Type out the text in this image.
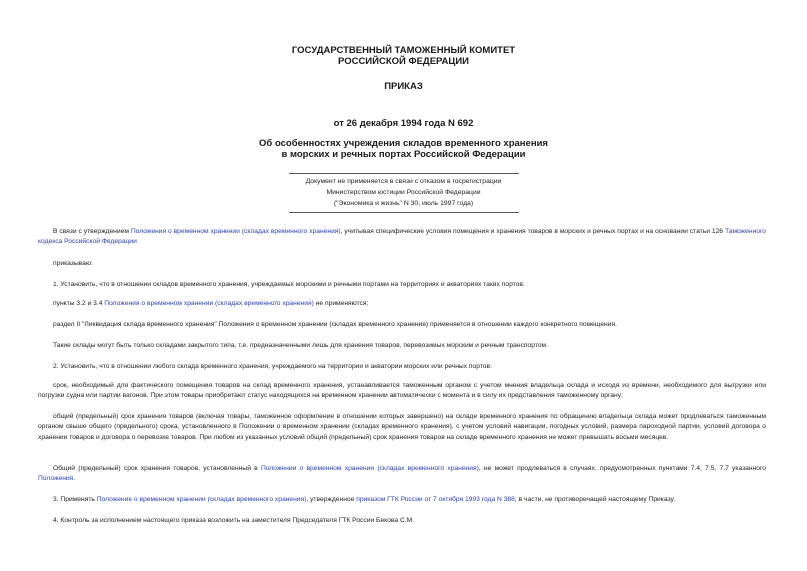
ГОСУДАРСТВЕННЫЙ ТАМОЖЕННЫЙ КОМИТЕТ
РОССИЙСКОЙ ФЕДЕРАЦИИ
ПРИКАЗ
от 26 декабря 1994 года N 692
Об особенностях учреждения складов временного хранения
в морских и речных портах Российской Федерации
Документ не применяется в связи с отказом в госрегистрации
Министерством юстиции Российской Федерации
("Экономика и жизнь" N 30, июль 1997 года)
В связи с утверждением Положения о временном хранении (складах временного хранения), учитывая специфические условия помещения и хранения товаров в морских и речных портах и на основании статьи 126 Таможенного кодекса Российской Федерации
приказываю:
1. Установить, что в отношении складов временного хранения, учреждаемых морскими и речными портами на территориях и акваториях таких портов:
пункты 3.2 и 3.4 Положения о временном хранении (складах временного хранения) не применяются;
раздел II "Ликвидация склада временного хранения" Положения о временном хранении (складах временного хранения) применяется в отношении каждого конкретного помещения.
Такие склады могут быть только складами закрытого типа, т.е. предназначенными лишь для хранения товаров, перевозимых морским и речным транспортом.
2. Установить, что в отношении любого склада временного хранения, учреждаемого на территории и акватории морских или речных портов:
срок, необходимый для фактического помещения товаров на склад временного хранения, устанавливается таможенным органом с учетом мнения владельца склада и исходя из времени, необходимого для выгрузки или погрузки судна или партии вагонов. При этом товары приобретают статус находящихся на временном хранении автоматически с момента и в силу их представления таможенному органу;
общий (предельный) срок хранения товаров (включая товары, таможенное оформление в отношении которых завершено) на складе временного хранения по обращению владельца склада может продлеваться таможенным органом свыше общего (предельного) срока, установленного в Положении о временном хранении (складах временного хранения), с учетом условий навигации, погодных условий, размера пароходной партии, условий договора о хранении товаров и договора о перевозке товаров. При любом из указанных условий общий (предельный) срок хранения товаров на складе временного хранения не может превышать восьми месяцев.
Общий (предельный) срок хранения товаров, установленный в Положении о временном хранении (складах временного хранения), не может продлеваться в случаях, предусмотренных пунктами 7.4, 7.5, 7.7 указанного Положения.
3. Применять Положение о временном хранении (складах временного хранения), утвержденное приказом ГТК России от 7 октября 1993 года N 388, в части, не противоречащей настоящему Приказу.
4. Контроль за исполнением настоящего приказа возложить на заместителя Председателя ГТК России Бекова С.М.
